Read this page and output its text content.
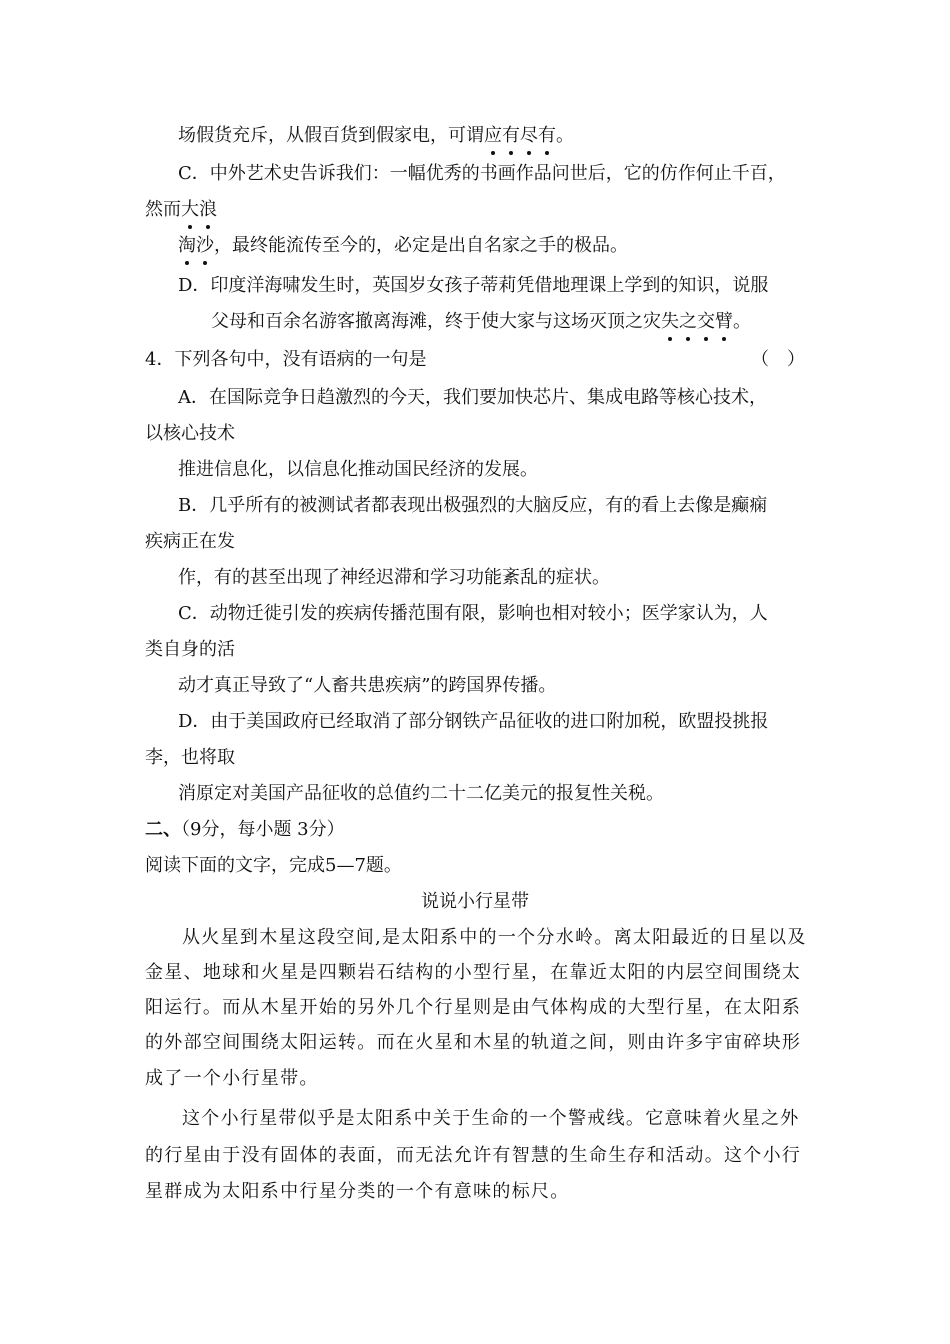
场假货充斥，从假百货到假家电，可谓应有尽有。
C．中外艺术史告诉我们：一幅优秀的书画作品问世后，它的仿作何止千百，
然而大浪
淘沙，最终能流传至今的，必定是出自名家之手的极品。
D．印度洋海啸发生时，英国岁女孩子蒂莉凭借地理课上学到的知识，说服
父母和百余名游客撤离海滩，终于使大家与这场灭顶之灾失之交臂。
4．下列各句中，没有语病的一句是	（　）
A．在国际竞争日趋激烈的今天，我们要加快芯片、集成电路等核心技术，
以核心技术
推进信息化，以信息化推动国民经济的发展。
B．几乎所有的被测试者都表现出极强烈的大脑反应，有的看上去像是癫痫
疾病正在发
作，有的甚至出现了神经迟滞和学习功能紊乱的症状。
C．动物迁徙引发的疾病传播范围有限，影响也相对较小；医学家认为，人
类自身的活
动才真正导致了“人畜共患疾病”的跨国界传播。
D．由于美国政府已经取消了部分钢铁产品征收的进口附加税，欧盟投挑报
李，也将取
消原定对美国产品征收的总值约二十二亿美元的报复性关税。
二、（9分，每小题 3分）
阅读下面的文字，完成5—7题。
说说小行星带
从火星到木星这段空间,是太阳系中的一个分水岭。离太阳最近的日星以及
金星、地球和火星是四颗岩石结构的小型行星，在靠近太阳的内层空间围绕太
阳运行。而从木星开始的另外几个行星则是由气体构成的大型行星，在太阳系
的外部空间围绕太阳运转。而在火星和木星的轨道之间，则由许多宇宙碎块形
成了一个小行星带。
这个小行星带似乎是太阳系中关于生命的一个警戒线。它意味着火星之外
的行星由于没有固体的表面，而无法允许有智慧的生命生存和活动。这个小行
星群成为太阳系中行星分类的一个有意味的标尺。
